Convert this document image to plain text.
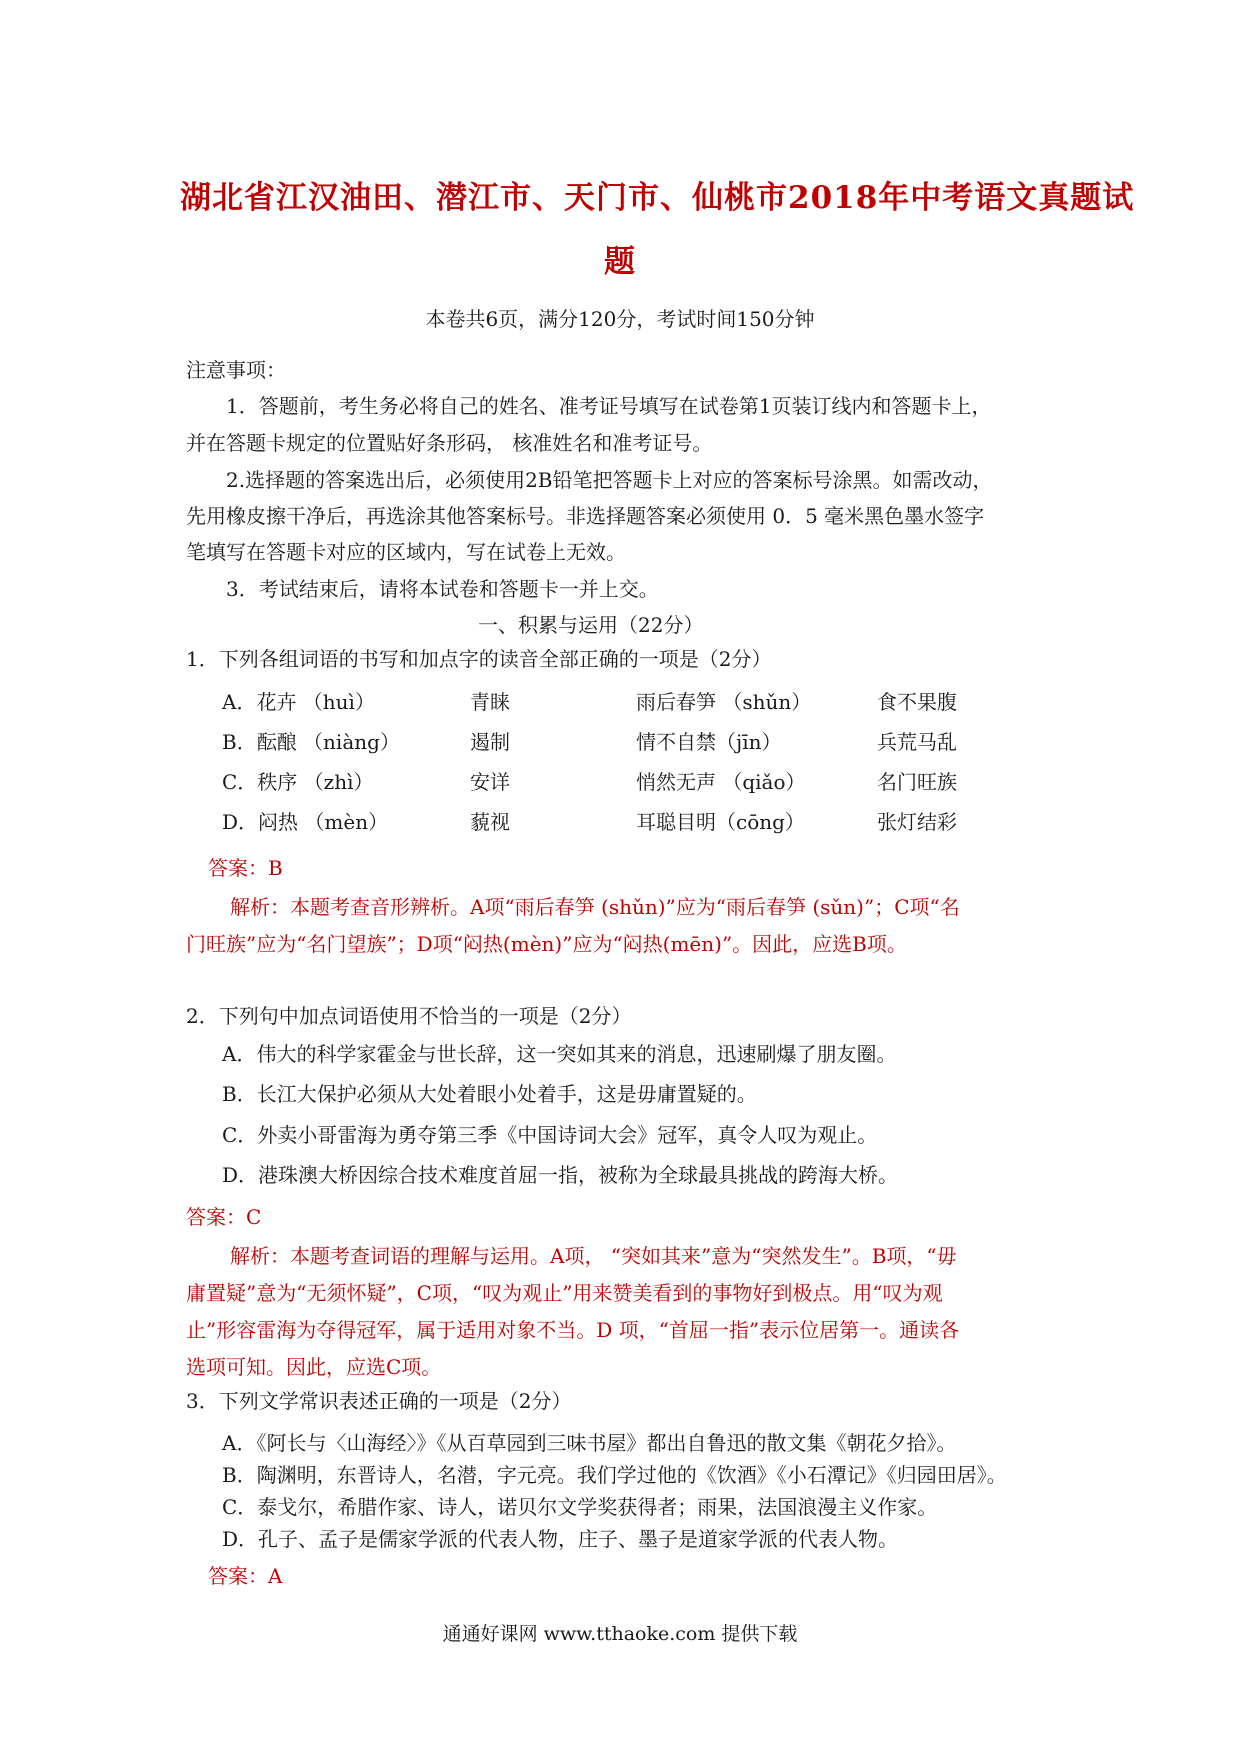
湖北省江汉油田、潜江市、天门市、仙桃市2018年中考语文真题试
题
本卷共6页，满分120分，考试时间150分钟
注意事项：
1．答题前，考生务必将自己的姓名、准考证号填写在试卷第1页装订线内和答题卡上，
并在答题卡规定的位置贴好条形码， 核准姓名和准考证号。
2.选择题的答案选出后，必须使用2B铅笔把答题卡上对应的答案标号涂黑。如需改动，
先用橡皮擦干净后，再选涂其他答案标号。非选择题答案必须使用 0．5 毫米黑色墨水签字
笔填写在答题卡对应的区域内，写在试卷上无效。
3．考试结束后，请将本试卷和答题卡一并上交。
一、积累与运用（22分）
1．下列各组词语的书写和加点字的读音全部正确的一项是（2分）
A．花卉 （huì）	青睐	雨后春笋 （shǔn）	食不果腹
B．酝酿 （niàng）	遏制	情不自禁（jīn）	兵荒马乱
C．秩序 （zhì）	安详	悄然无声 （qiǎo）	名门旺族
D．闷热 （mèn）	藐视	耳聪目明（cōng）	张灯结彩
答案：B
解析：本题考查音形辨析。A项“雨后春笋 (shǔn)”应为“雨后春笋 (sǔn)”；C项“名
门旺族”应为“名门望族”；D项“闷热(mèn)”应为“闷热(mēn)”。因此，应选B项。
2．下列句中加点词语使用不恰当的一项是（2分）
A．伟大的科学家霍金与世长辞，这一突如其来的消息，迅速刷爆了朋友圈。
B．长江大保护必须从大处着眼小处着手，这是毋庸置疑的。
C．外卖小哥雷海为勇夺第三季《中国诗词大会》冠军，真令人叹为观止。
D．港珠澳大桥因综合技术难度首屈一指，被称为全球最具挑战的跨海大桥。
答案：C
解析：本题考查词语的理解与运用。A项， “突如其来”意为“突然发生”。B项，“毋
庸置疑”意为“无须怀疑”，C项，“叹为观止”用来赞美看到的事物好到极点。用“叹为观
止”形容雷海为夺得冠军，属于适用对象不当。D 项，“首屈一指”表示位居第一。通读各
选项可知。因此，应选C项。
3．下列文学常识表述正确的一项是（2分）
A．《阿长与〈山海经〉》《从百草园到三味书屋》都出自鲁迅的散文集《朝花夕拾》。
B．陶渊明，东晋诗人，名潜，字元亮。我们学过他的《饮酒》《小石潭记》《归园田居》。
C．泰戈尔，希腊作家、诗人，诺贝尔文学奖获得者；雨果，法国浪漫主义作家。
D．孔子、孟子是儒家学派的代表人物，庄子、墨子是道家学派的代表人物。
答案：A
通通好课网 www.tthaoke.com 提供下载
